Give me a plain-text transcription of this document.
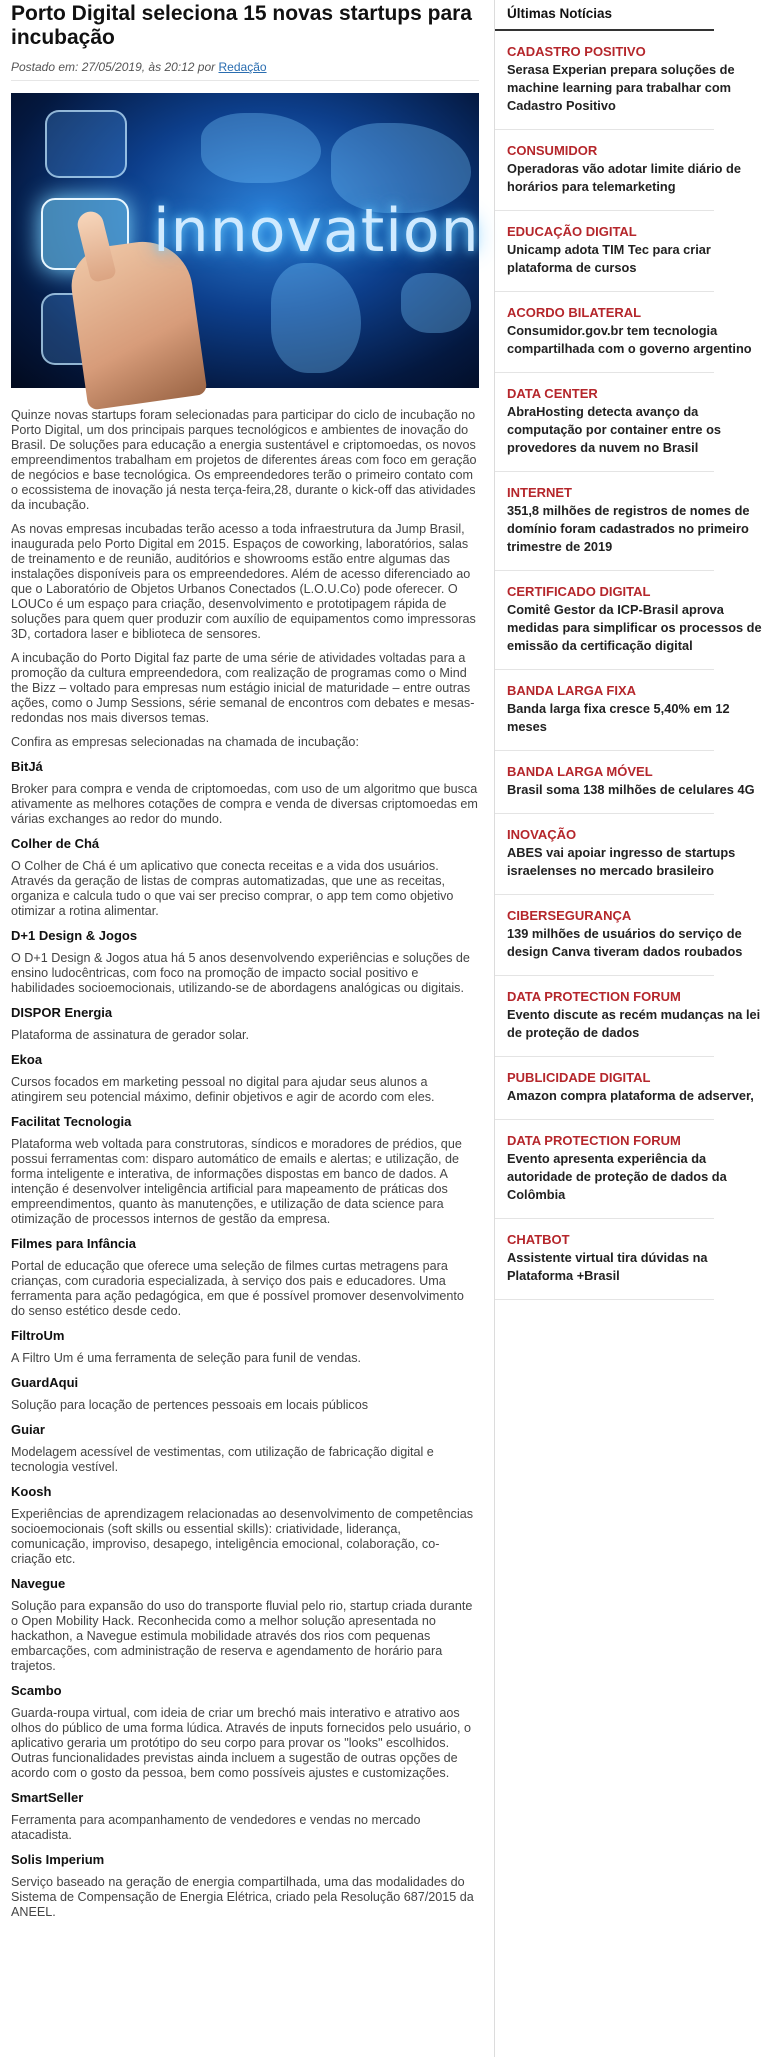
Porto Digital seleciona 15 novas startups para incubação
Postado em: 27/05/2019, às 20:12 por Redação
innovation

Quinze novas startups foram selecionadas para participar do ciclo de incubação no Porto Digital, um dos principais parques tecnológicos e ambientes de inovação do Brasil. De soluções para educação a energia sustentável e criptomoedas, os novos empreendimentos trabalham em projetos de diferentes áreas com foco em geração de negócios e base tecnológica. Os empreendedores terão o primeiro contato com o ecossistema de inovação já nesta terça-feira,28, durante o kick-off das atividades da incubação.

As novas empresas incubadas terão acesso a toda infraestrutura da Jump Brasil, inaugurada pelo Porto Digital em 2015. Espaços de coworking, laboratórios, salas de treinamento e de reunião, auditórios e showrooms estão entre algumas das instalações disponíveis para os empreendedores. Além de acesso diferenciado ao que o Laboratório de Objetos Urbanos Conectados (L.O.U.Co) pode oferecer. O LOUCo é um espaço para criação, desenvolvimento e prototipagem rápida de soluções para quem quer produzir com auxílio de equipamentos como impressoras 3D, cortadora laser e biblioteca de sensores.

A incubação do Porto Digital faz parte de uma série de atividades voltadas para a promoção da cultura empreendedora, com realização de programas como o Mind the Bizz – voltado para empresas num estágio inicial de maturidade – entre outras ações, como o Jump Sessions, série semanal de encontros com debates e mesas-redondas nos mais diversos temas.

Confira as empresas selecionadas na chamada de incubação:

BitJá

Broker para compra e venda de criptomoedas, com uso de um algoritmo que busca ativamente as melhores cotações de compra e venda de diversas criptomoedas em várias exchanges ao redor do mundo.

Colher de Chá

O Colher de Chá é um aplicativo que conecta receitas e a vida dos usuários. Através da geração de listas de compras automatizadas, que une as receitas, organiza e calcula tudo o que vai ser preciso comprar, o app tem como objetivo otimizar a rotina alimentar.

D+1 Design & Jogos

O D+1 Design & Jogos atua há 5 anos desenvolvendo experiências e soluções de ensino ludocêntricas, com foco na promoção de impacto social positivo e habilidades socioemocionais, utilizando-se de abordagens analógicas ou digitais.

DISPOR Energia

Plataforma de assinatura de gerador solar.

Ekoa

Cursos focados em marketing pessoal no digital para ajudar seus alunos a atingirem seu potencial máximo, definir objetivos e agir de acordo com eles.

Facilitat Tecnologia

Plataforma web voltada para construtoras, síndicos e moradores de prédios, que possui ferramentas com: disparo automático de emails e alertas; e utilização, de forma inteligente e interativa, de informações dispostas em banco de dados. A intenção é desenvolver inteligência artificial para mapeamento de práticas dos empreendimentos, quanto às manutenções, e utilização de data science para otimização de processos internos de gestão da empresa.

Filmes para Infância

Portal de educação que oferece uma seleção de filmes curtas metragens para crianças, com curadoria especializada, à serviço dos pais e educadores. Uma ferramenta para ação pedagógica, em que é possível promover desenvolvimento do senso estético desde cedo.

FiltroUm

A Filtro Um é uma ferramenta de seleção para funil de vendas.

GuardAqui

Solução para locação de pertences pessoais em locais públicos

Guiar

Modelagem acessível de vestimentas, com utilização de fabricação digital e tecnologia vestível.

Koosh

Experiências de aprendizagem relacionadas ao desenvolvimento de competências socioemocionais (soft skills ou essential skills): criatividade, liderança, comunicação, improviso, desapego, inteligência emocional, colaboração, co-criação etc.

Navegue

Solução para expansão do uso do transporte fluvial pelo rio, startup criada durante o Open Mobility Hack. Reconhecida como a melhor solução apresentada no hackathon, a Navegue estimula mobilidade através dos rios com pequenas embarcações, com administração de reserva e agendamento de horário para trajetos.

Scambo

Guarda-roupa virtual, com ideia de criar um brechó mais interativo e atrativo aos olhos do público de uma forma lúdica. Através de inputs fornecidos pelo usuário, o aplicativo geraria um protótipo do seu corpo para provar os "looks" escolhidos. Outras funcionalidades previstas ainda incluem a sugestão de outras opções de acordo com o gosto da pessoa, bem como possíveis ajustes e customizações.

SmartSeller

Ferramenta para acompanhamento de vendedores e vendas no mercado atacadista.

Solis Imperium

Serviço baseado na geração de energia compartilhada, uma das modalidades do Sistema de Compensação de Energia Elétrica, criado pela Resolução 687/2015 da ANEEL.

Últimas Notícias
CADASTRO POSITIVO
Serasa Experian prepara soluções de machine learning para trabalhar com Cadastro Positivo
CONSUMIDOR
Operadoras vão adotar limite diário de horários para telemarketing
EDUCAÇÃO DIGITAL
Unicamp adota TIM Tec para criar plataforma de cursos
ACORDO BILATERAL
Consumidor.gov.br tem tecnologia compartilhada com o governo argentino
DATA CENTER
AbraHosting detecta avanço da computação por container entre os provedores da nuvem no Brasil
INTERNET
351,8 milhões de registros de nomes de domínio foram cadastrados no primeiro trimestre de 2019
CERTIFICADO DIGITAL
Comitê Gestor da ICP-Brasil aprova medidas para simplificar os processos de emissão da certificação digital
BANDA LARGA FIXA
Banda larga fixa cresce 5,40% em 12 meses
BANDA LARGA MÓVEL
Brasil soma 138 milhões de celulares 4G
INOVAÇÃO
ABES vai apoiar ingresso de startups israelenses no mercado brasileiro
CIBERSEGURANÇA
139 milhões de usuários do serviço de design Canva tiveram dados roubados
DATA PROTECTION FORUM
Evento discute as recém mudanças na lei de proteção de dados
PUBLICIDADE DIGITAL
Amazon compra plataforma de adserver,
DATA PROTECTION FORUM
Evento apresenta experiência da autoridade de proteção de dados da Colômbia
CHATBOT
Assistente virtual tira dúvidas na Plataforma +Brasil
